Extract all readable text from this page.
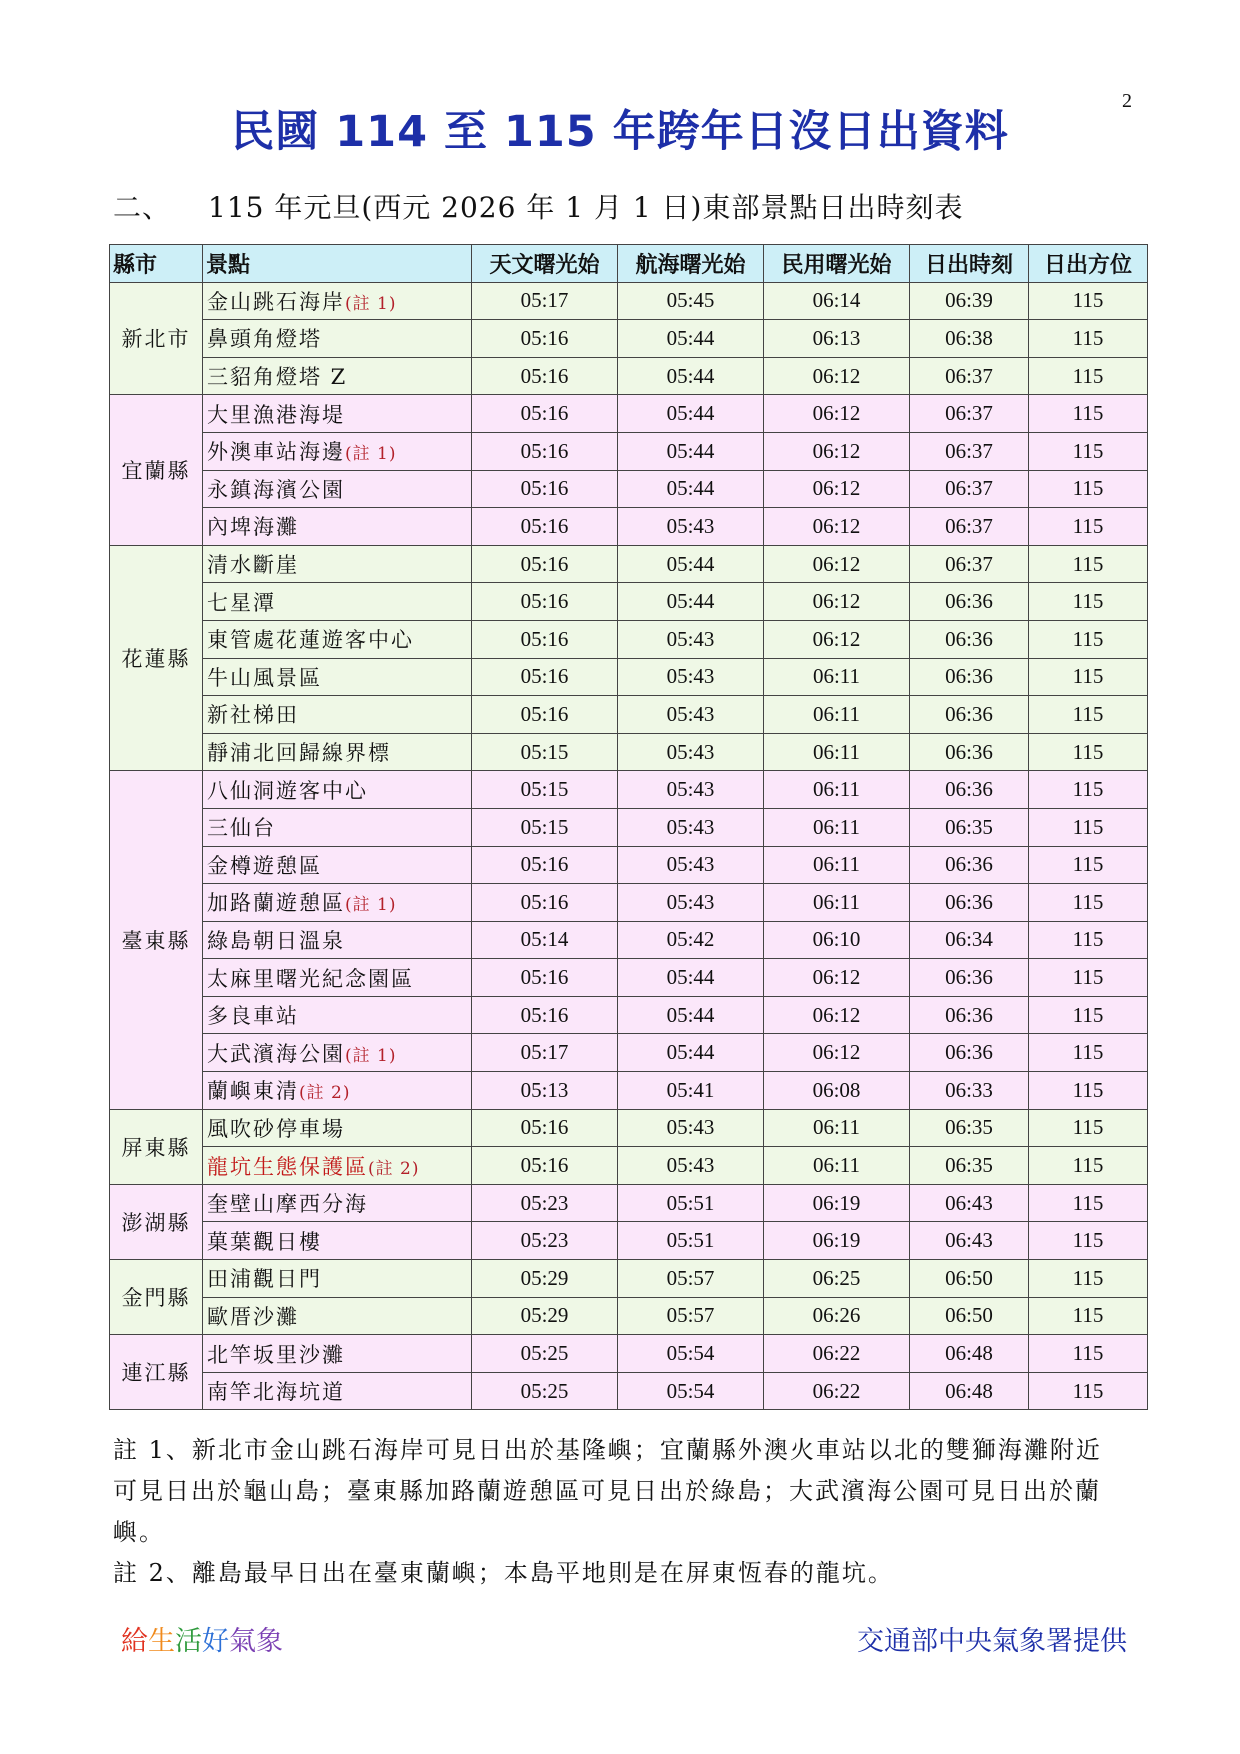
2
民國 114 至 115 年跨年日沒日出資料
二、 115 年元旦(西元 2026 年 1 月 1 日)東部景點日出時刻表
縣市	景點	天文曙光始	航海曙光始	民用曙光始	日出時刻	日出方位
新北市	金山跳石海岸(註 1)	05:17	05:45	06:14	06:39	115
	鼻頭角燈塔	05:16	05:44	06:13	06:38	115
	三貂角燈塔 Z	05:16	05:44	06:12	06:37	115
宜蘭縣	大里漁港海堤	05:16	05:44	06:12	06:37	115
	外澳車站海邊(註 1)	05:16	05:44	06:12	06:37	115
	永鎮海濱公園	05:16	05:44	06:12	06:37	115
	內埤海灘	05:16	05:43	06:12	06:37	115
花蓮縣	清水斷崖	05:16	05:44	06:12	06:37	115
	七星潭	05:16	05:44	06:12	06:36	115
	東管處花蓮遊客中心	05:16	05:43	06:12	06:36	115
	牛山風景區	05:16	05:43	06:11	06:36	115
	新社梯田	05:16	05:43	06:11	06:36	115
	靜浦北回歸線界標	05:15	05:43	06:11	06:36	115
臺東縣	八仙洞遊客中心	05:15	05:43	06:11	06:36	115
	三仙台	05:15	05:43	06:11	06:35	115
	金樽遊憩區	05:16	05:43	06:11	06:36	115
	加路蘭遊憩區(註 1)	05:16	05:43	06:11	06:36	115
	綠島朝日溫泉	05:14	05:42	06:10	06:34	115
	太麻里曙光紀念園區	05:16	05:44	06:12	06:36	115
	多良車站	05:16	05:44	06:12	06:36	115
	大武濱海公園(註 1)	05:17	05:44	06:12	06:36	115
	蘭嶼東清(註 2)	05:13	05:41	06:08	06:33	115
屏東縣	風吹砂停車場	05:16	05:43	06:11	06:35	115
	龍坑生態保護區(註 2)	05:16	05:43	06:11	06:35	115
澎湖縣	奎壁山摩西分海	05:23	05:51	06:19	06:43	115
	菓葉觀日樓	05:23	05:51	06:19	06:43	115
金門縣	田浦觀日門	05:29	05:57	06:25	06:50	115
	歐厝沙灘	05:29	05:57	06:26	06:50	115
連江縣	北竿坂里沙灘	05:25	05:54	06:22	06:48	115
	南竿北海坑道	05:25	05:54	06:22	06:48	115

註 1、新北市金山跳石海岸可見日出於基隆嶼；宜蘭縣外澳火車站以北的雙獅海灘附近可見日出於龜山島；臺東縣加路蘭遊憩區可見日出於綠島；大武濱海公園可見日出於蘭嶼。

註 2、離島最早日出在臺東蘭嶼；本島平地則是在屏東恆春的龍坑。

給生活好氣象	交通部中央氣象署提供
